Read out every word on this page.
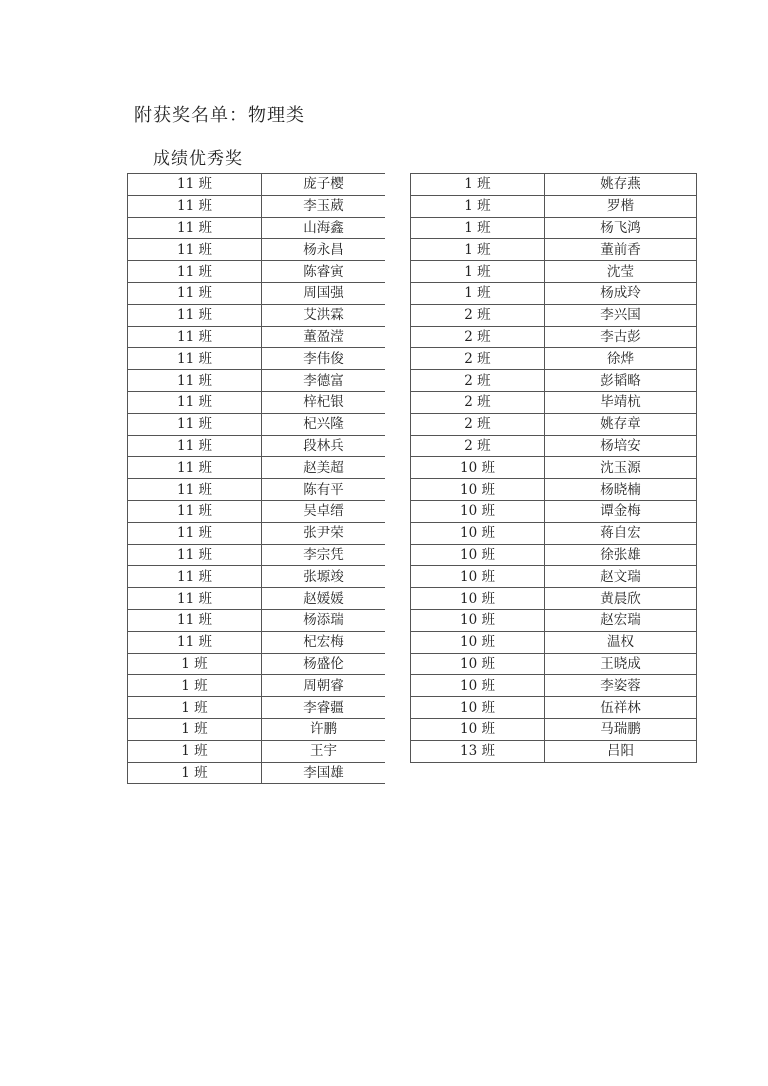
附获奖名单：物理类
成绩优秀奖
11 班	庞子樱
11 班	李玉葳
11 班	山海鑫
11 班	杨永昌
11 班	陈睿寅
11 班	周国强
11 班	艾洪霖
11 班	董盈滢
11 班	李伟俊
11 班	李德富
11 班	梓杞银
11 班	杞兴隆
11 班	段林兵
11 班	赵美超
11 班	陈有平
11 班	吴卓缙
11 班	张尹荣
11 班	李宗凭
11 班	张塬竣
11 班	赵媛媛
11 班	杨添瑞
11 班	杞宏梅
1 班	杨盛伦
1 班	周朝睿
1 班	李睿疆
1 班	许鹏
1 班	王宇
1 班	李国雄
1 班	姚存燕
1 班	罗楷
1 班	杨飞鸿
1 班	董前香
1 班	沈莹
1 班	杨成玲
2 班	李兴国
2 班	李古彭
2 班	徐烨
2 班	彭韬略
2 班	毕靖杭
2 班	姚存章
2 班	杨培安
10 班	沈玉源
10 班	杨晓楠
10 班	谭金梅
10 班	蒋自宏
10 班	徐张雄
10 班	赵文瑞
10 班	黄晨欣
10 班	赵宏瑞
10 班	温权
10 班	王晓成
10 班	李姿蓉
10 班	伍祥林
10 班	马瑞鹏
13 班	吕阳
